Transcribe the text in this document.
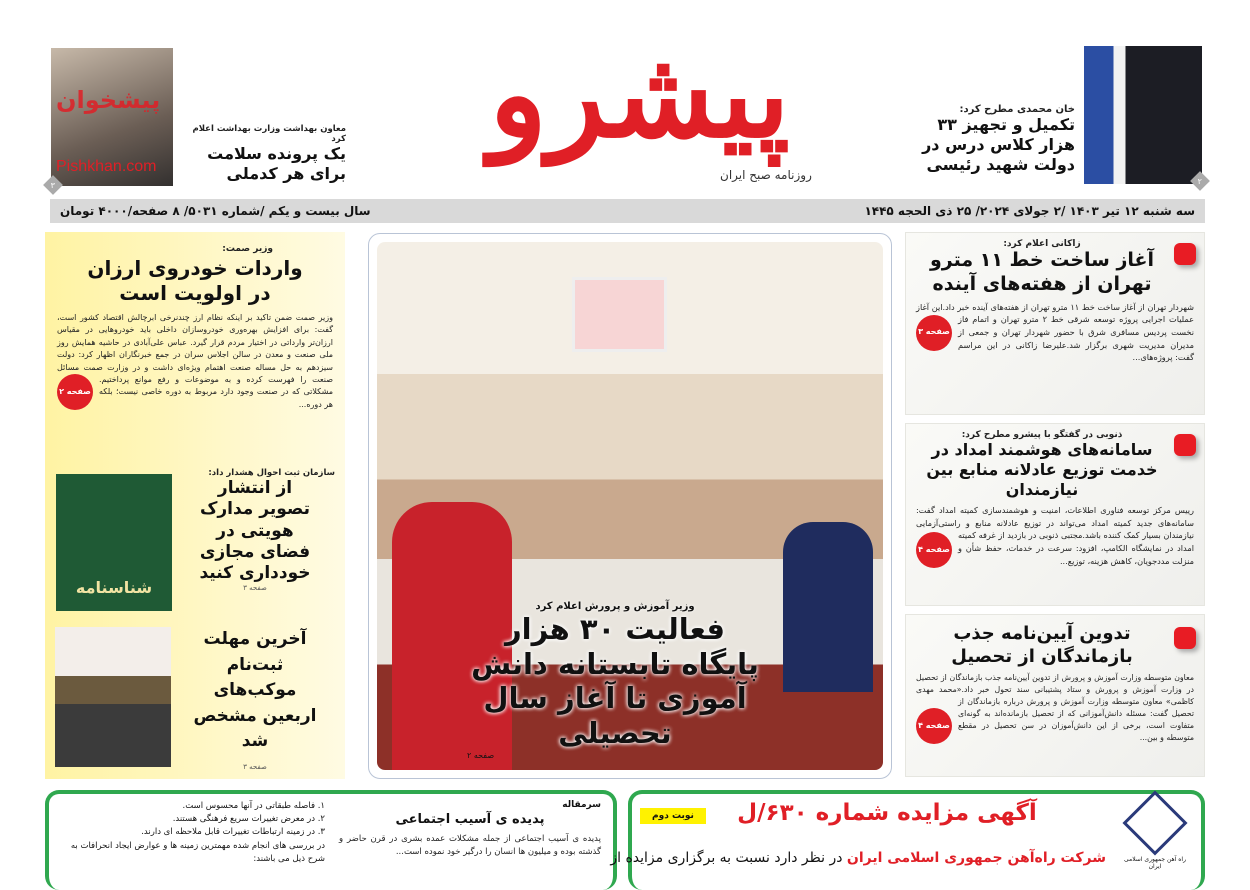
پیشرو
روزنامه صبح ایران
خان محمدی مطرح کرد:
تکمیل و تجهیز ۳۳ هزار کلاس درس در دولت شهید رئیسی
۲
پیشخوان
Pishkhan.com
معاون بهداشت وزارت بهداشت اعلام کرد
یک پرونده سلامت برای هر کدملی
۳
سال بیست و یکم /شماره ۵۰۳۱/ ۸ صفحه/۴۰۰۰ تومان	سه شنبه ۱۲ تیر ۱۴۰۳ /۲ جولای ۲۰۲۴/ ۲۵ ذی الحجه ۱۴۴۵
زاکانی اعلام کرد:
آغاز ساخت خط ۱۱ مترو تهران از هفته‌های آینده
صفحه ۳
شهردار تهران از آغاز ساخت خط ۱۱ مترو تهران از هفته‌های آینده خبر داد.این آغاز عملیات اجرایی پروژه توسعه شرقی خط ۲ مترو تهران و اتمام فاز نخست پردیس مسافری شرق با حضور شهردار تهران و جمعی از مدیران مدیریت شهری برگزار شد.علیرضا زاکانی در این مراسم گفت: پروژه‌های...
ذنوبی در گفتگو با پیشرو مطرح کرد:
سامانه‌های هوشمند امداد در خدمت توزیع عادلانه منابع بین نیازمندان
صفحه ۴
رییس مرکز توسعه فناوری اطلاعات، امنیت و هوشمندسازی کمیته امداد گفت: سامانه‌های جدید کمیته امداد می‌تواند در توزیع عادلانه منابع و راستی‌آزمایی نیازمندان بسیار کمک کننده باشد.مجتبی ذنوبی در بازدید از غرفه کمیته امداد در نمایشگاه الکامپ، افزود: سرعت در خدمات، حفظ شأن و منزلت مددجویان، کاهش هزینه، توزیع...
تدوین آیین‌نامه جذب بازماندگان از تحصیل
صفحه ۴
معاون متوسطه وزارت آموزش و پرورش از تدوین آیین‌نامه جذب بازماندگان از تحصیل در وزارت آموزش و پرورش و ستاد پشتیبانی سند تحول خبر داد.«محمد مهدی کاظمی» معاون متوسطه وزارت آموزش و پرورش درباره بازماندگان از تحصیل گفت: مسئله دانش‌آموزانی که از تحصیل بازمانده‌اند به گونه‌ای متفاوت است، برخی از این دانش‌آموزان در سن تحصیل در مقطع متوسطه و بین...
وزیر آموزش و پرورش اعلام کرد
فعالیت ۳۰ هزار پایگاه تابستانه دانش آموزی تا آغاز سال تحصیلی
صفحه ۲
وزیر صمت:
واردات خودروی ارزان در اولویت است
صفحه ۲
وزیر صمت ضمن تاکید بر اینکه نظام ارز چندنرخی ابرچالش اقتصاد کشور است، گفت: برای افزایش بهره‌وری خودروسازان داخلی باید خودروهایی در مقیاس ارزان‌تر وارداتی در اختیار مردم قرار گیرد. عباس علی‌آبادی در حاشیه همایش روز ملی صنعت و معدن در سالن اجلاس سران در جمع خبرنگاران اظهار کرد: دولت سیزدهم به حل مساله صنعت اهتمام ویژه‌ای داشت و در وزارت صمت مسائل صنعت را فهرست کرده و به موضوعات و رفع موانع پرداختیم. مشکلاتی که در صنعت وجود دارد مربوط به دوره خاصی نیست؛ بلکه هر دوره...
شناسنامه
سازمان ثبت احوال هشدار داد:
از انتشار تصویر مدارک هویتی در فضای مجازی خودداری کنید
صفحه ۳
آخرین مهلت ثبت‌نام موکب‌های اربعین مشخص شد
صفحه ۳
سرمقاله
پدیده ی آسیب اجتماعی
پدیده ی آسیب اجتماعی از جمله مشکلات عمده بشری در قرن حاضر و گذشته بوده و میلیون ها انسان را درگیر خود نموده است...
۱. فاصله طبقاتی در آنها محسوس است.
۲. در معرض تغییرات سریع فرهنگی هستند.
۳. در زمینه ارتباطات تغییرات قابل ملاحظه ای دارند.
در بررسی های انجام شده مهمترین زمینه ها و عوارض ایجاد انحرافات به شرح ذیل می باشند:	راه آهن جمهوری اسلامی ایران
نوبت دوم	آگهی مزایده شماره ۶۳۰/ل
شرکت راه‌آهن جمهوری اسلامی ایران در نظر دارد نسبت به برگزاری مزایده از
